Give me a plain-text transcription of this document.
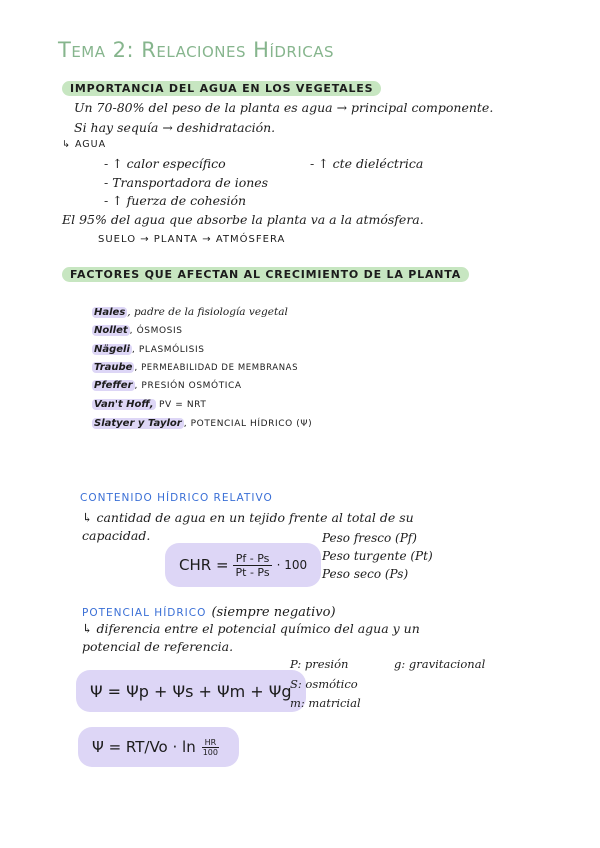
Tema 2: Relaciones Hídricas
IMPORTANCIA DEL AGUA EN LOS VEGETALES
Un 70-80% del peso de la planta es agua → principal componente.
Si hay sequía → deshidratación.
↳ AGUA
- ↑ calor específico	- ↑ cte dieléctrica
- Transportadora de iones
- ↑ fuerza de cohesión
El 95% del agua que absorbe la planta va a la atmósfera.
SUELO → PLANTA → ATMÓSFERA
FACTORES QUE AFECTAN AL CRECIMIENTO DE LA PLANTA
Hales , padre de la fisiología vegetal
Nollet , ÓSMOSIS
Nägeli , PLASMÓLISIS
Traube , PERMEABILIDAD DE MEMBRANAS
Pfeffer , PRESIÓN OSMÓTICA
Van't Hoff, PV = NRT
Slatyer y Taylor , POTENCIAL HÍDRICO (Ψ)
CONTENIDO HÍDRICO RELATIVO
↳ cantidad de agua en un tejido frente al total de su
capacidad.
CHR = $\frac{Pf - Ps}{Pt - Ps} \cdot 100$
Peso fresco (Pf)
Peso turgente (Pt)
Peso seco (Ps)
POTENCIAL HÍDRICO (siempre negativo)
↳ diferencia entre el potencial químico del agua y un
potencial de referencia.
Ψ = Ψp + Ψs + Ψm + Ψg
P: presión
S: osmótico
m: matricial
g: gravitacional
$\Psi = RT/Vo \cdot \ln \frac{HR}{100}$
